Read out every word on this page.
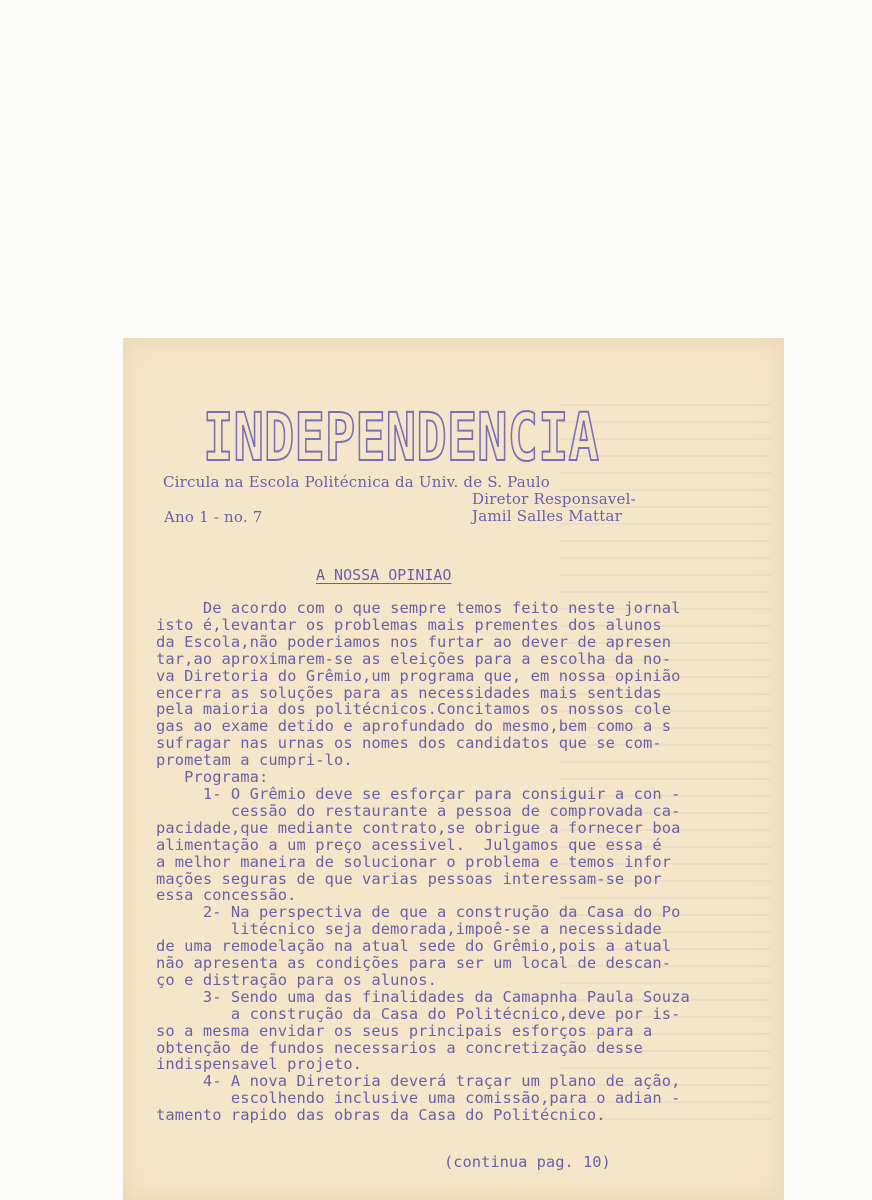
INDEPENDENCIA
Circula na Escola Politécnica da Univ. de S. Paulo
Diretor Responsavel-
Ano 1 - no. 7	Jamil Salles Mattar
A NOSSA OPINIAO

De acordo com o que sempre temos feito neste jornal

isto é,levantar os problemas mais prementes dos alunos

da Escola,não poderiamos nos furtar ao dever de apresen

tar,ao aproximarem-se as eleições para a escolha da no-

va Diretoria do Grêmio,um programa que, em nossa opinião

encerra as soluções para as necessidades mais sentidas

pela maioria dos politécnicos.Concitamos os nossos cole

gas ao exame detido e aprofundado do mesmo,bem como a s

sufragar nas urnas os nomes dos candidatos que se com-

prometam a cumpri-lo.

Programa:

1- O Grêmio deve se esforçar para consiguir a con -

cessão do restaurante a pessoa de comprovada ca-

pacidade,que mediante contrato,se obrigue a fornecer boa

alimentação a um preço acessivel.  Julgamos que essa é

a melhor maneira de solucionar o problema e temos infor

mações seguras de que varias pessoas interessam-se por

essa concessão.

2- Na perspectiva de que a construção da Casa do Po

litécnico seja demorada,impoê-se a necessidade

de uma remodelação na atual sede do Grêmio,pois a atual

não apresenta as condições para ser um local de descan-

ço e distração para os alunos.

3- Sendo uma das finalidades da Camapnha Paula Souza

a construção da Casa do Politécnico,deve por is-

so a mesma envidar os seus principais esforços para a

obtenção de fundos necessarios a concretização desse

indispensavel projeto.

4- A nova Diretoria deverá traçar um plano de ação,

escolhendo inclusive uma comissão,para o adian -

tamento rapido das obras da Casa do Politécnico.

(continua pag. 10)
